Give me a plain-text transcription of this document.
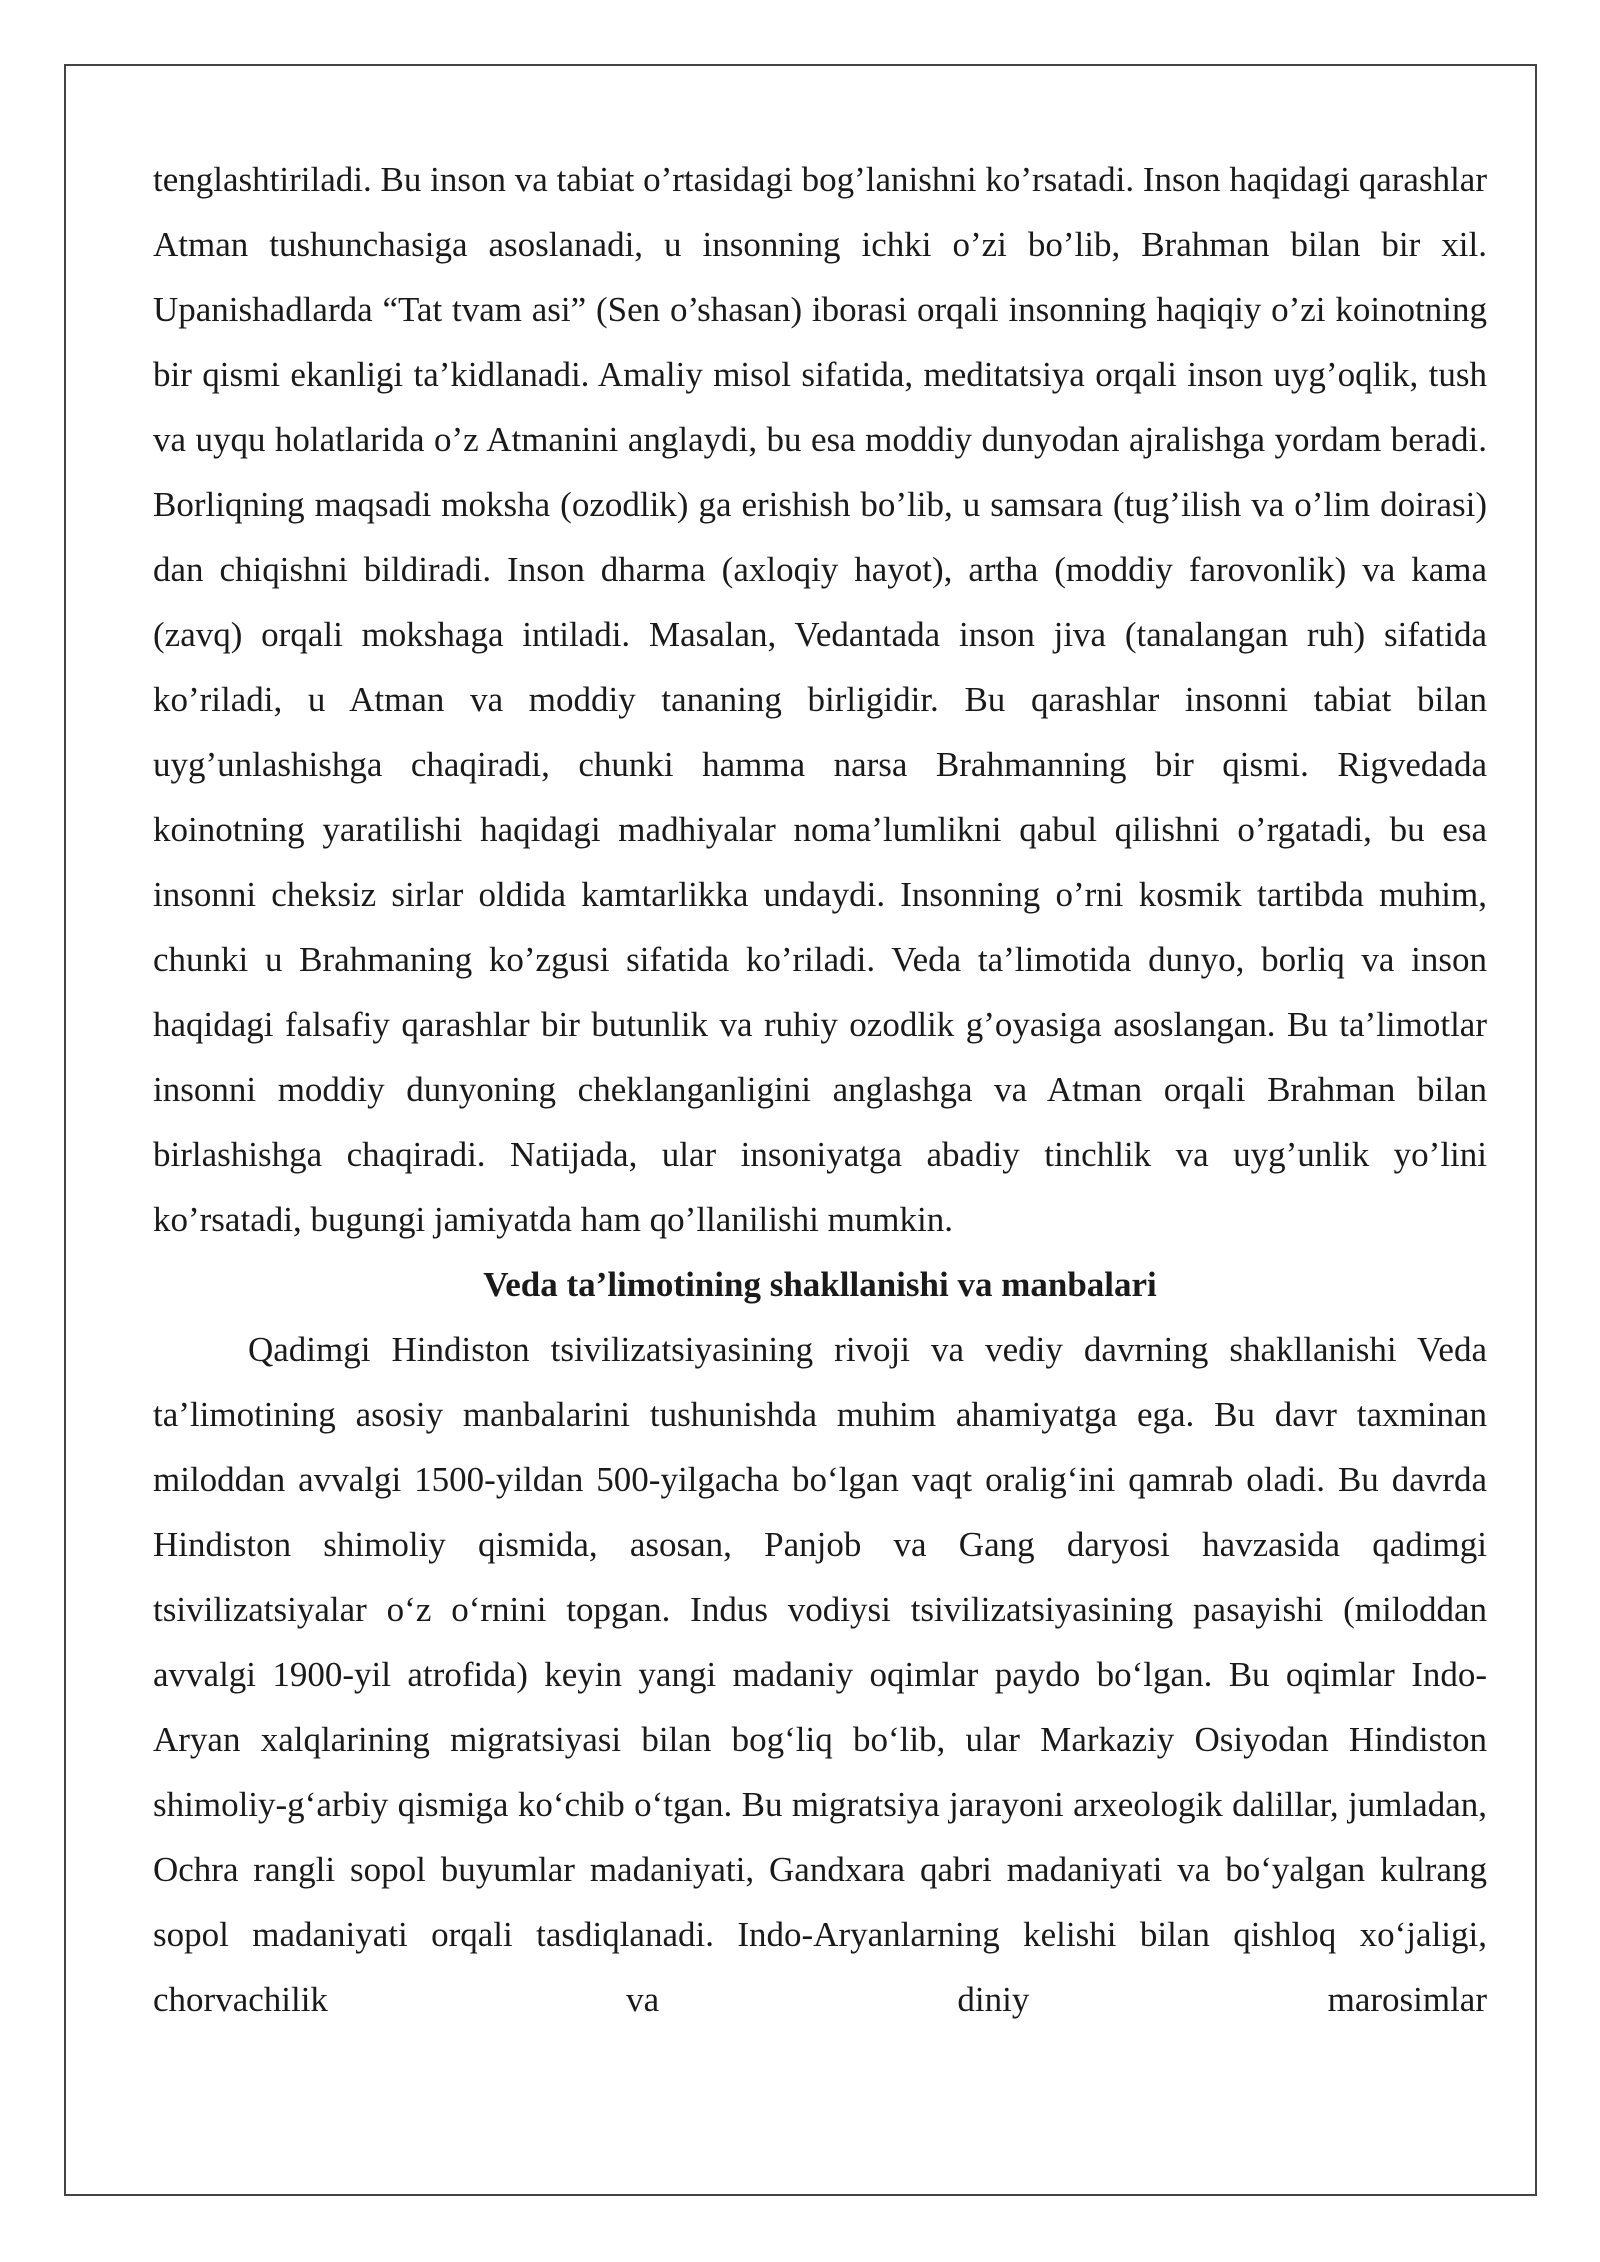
tenglashtiriladi. Bu inson va tabiat o’rtasidagi bog’lanishni ko’rsatadi. Inson haqidagi qarashlar Atman tushunchasiga asoslanadi, u insonning ichki o’zi bo’lib, Brahman bilan bir xil. Upanishadlarda “Tat tvam asi” (Sen o’shasan) iborasi orqali insonning haqiqiy o’zi koinotning bir qismi ekanligi ta’kidlanadi. Amaliy misol sifatida, meditatsiya orqali inson uyg’oqlik, tush va uyqu holatlarida o’z Atmanini anglaydi, bu esa moddiy dunyodan ajralishga yordam beradi. Borliqning maqsadi moksha (ozodlik) ga erishish bo’lib, u samsara (tug’ilish va o’lim doirasi) dan chiqishni bildiradi. Inson dharma (axloqiy hayot), artha (moddiy farovonlik) va kama (zavq) orqali mokshaga intiladi. Masalan, Vedantada inson jiva (tanalangan ruh) sifatida ko’riladi, u Atman va moddiy tananing birligidir. Bu qarashlar insonni tabiat bilan uyg’unlashishga chaqiradi, chunki hamma narsa Brahmanning bir qismi. Rigvedada koinotning yaratilishi haqidagi madhiyalar noma’lumlikni qabul qilishni o’rgatadi, bu esa insonni cheksiz sirlar oldida kamtarlikka undaydi. Insonning o’rni kosmik tartibda muhim, chunki u Brahmaning ko’zgusi sifatida ko’riladi. Veda ta’limotida dunyo, borliq va inson haqidagi falsafiy qarashlar bir butunlik va ruhiy ozodlik g’oyasiga asoslangan. Bu ta’limotlar insonni moddiy dunyoning cheklanganligini anglashga va Atman orqali Brahman bilan birlashishga chaqiradi. Natijada, ular insoniyatga abadiy tinchlik va uyg’unlik yo’lini ko’rsatadi, bugungi jamiyatda ham qo’llanilishi mumkin.

Veda ta’limotining shakllanishi va manbalari

Qadimgi Hindiston tsivilizatsiyasining rivoji va vediy davrning shakllanishi Veda ta’limotining asosiy manbalarini tushunishda muhim ahamiyatga ega. Bu davr taxminan miloddan avvalgi 1500-yildan 500-yilgacha bo‘lgan vaqt oralig‘ini qamrab oladi. Bu davrda Hindiston shimoliy qismida, asosan, Panjob va Gang daryosi havzasida qadimgi tsivilizatsiyalar o‘z o‘rnini topgan. Indus vodiysi tsivilizatsiyasining pasayishi (miloddan avvalgi 1900-yil atrofida) keyin yangi madaniy oqimlar paydo bo‘lgan. Bu oqimlar Indo-Aryan xalqlarining migratsiyasi bilan bog‘liq bo‘lib, ular Markaziy Osiyodan Hindiston shimoliy-g‘arbiy qismiga ko‘chib o‘tgan. Bu migratsiya jarayoni arxeologik dalillar, jumladan, Ochra rangli sopol buyumlar madaniyati, Gandxara qabri madaniyati va bo‘yalgan kulrang sopol madaniyati orqali tasdiqlanadi. Indo-Aryanlarning kelishi bilan qishloq xo‘jaligi, chorvachilik va diniy marosimlar
